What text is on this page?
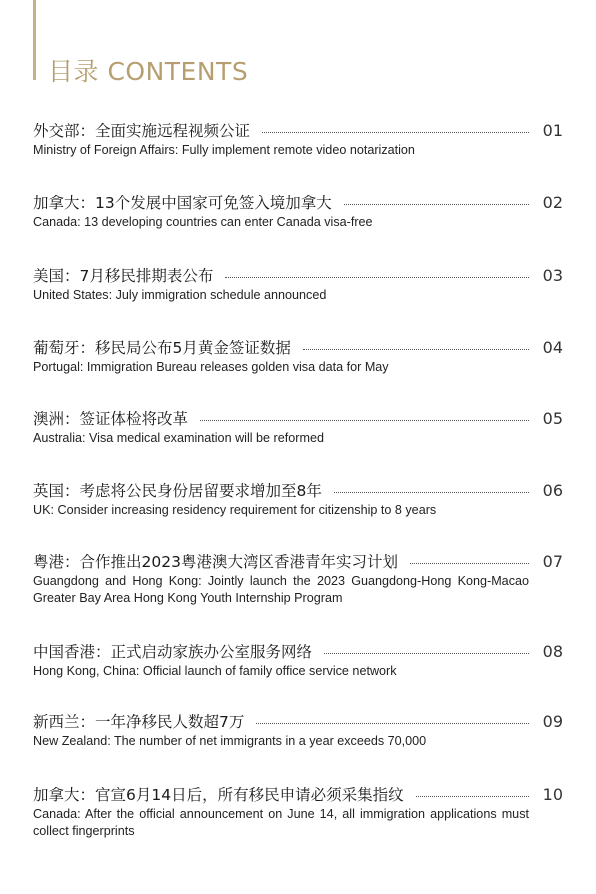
目录 CONTENTS
外交部：全面实施远程视频公证	01
Ministry of Foreign Affairs: Fully implement remote video notarization
加拿大：13个发展中国家可免签入境加拿大	02
Canada: 13 developing countries can enter Canada visa-free
美国：7月移民排期表公布	03
United States: July immigration schedule announced
葡萄牙：移民局公布5月黄金签证数据	04
Portugal: Immigration Bureau releases golden visa data for May
澳洲：签证体检将改革	05
Australia: Visa medical examination will be reformed
英国：考虑将公民身份居留要求增加至8年	06
UK: Consider increasing residency requirement for citizenship to 8 years
粤港：合作推出2023粤港澳大湾区香港青年实习计划	07
Guangdong and Hong Kong: Jointly launch the 2023 Guangdong-Hong Kong-Macao Greater Bay Area Hong Kong Youth Internship Program
中国香港：正式启动家族办公室服务网络	08
Hong Kong, China: Official launch of family office service network
新西兰：一年净移民人数超7万	09
New Zealand: The number of net immigrants in a year exceeds 70,000
加拿大：官宣6月14日后，所有移民申请必须采集指纹	10
Canada: After the official announcement on June 14, all immigration applications must collect fingerprints
